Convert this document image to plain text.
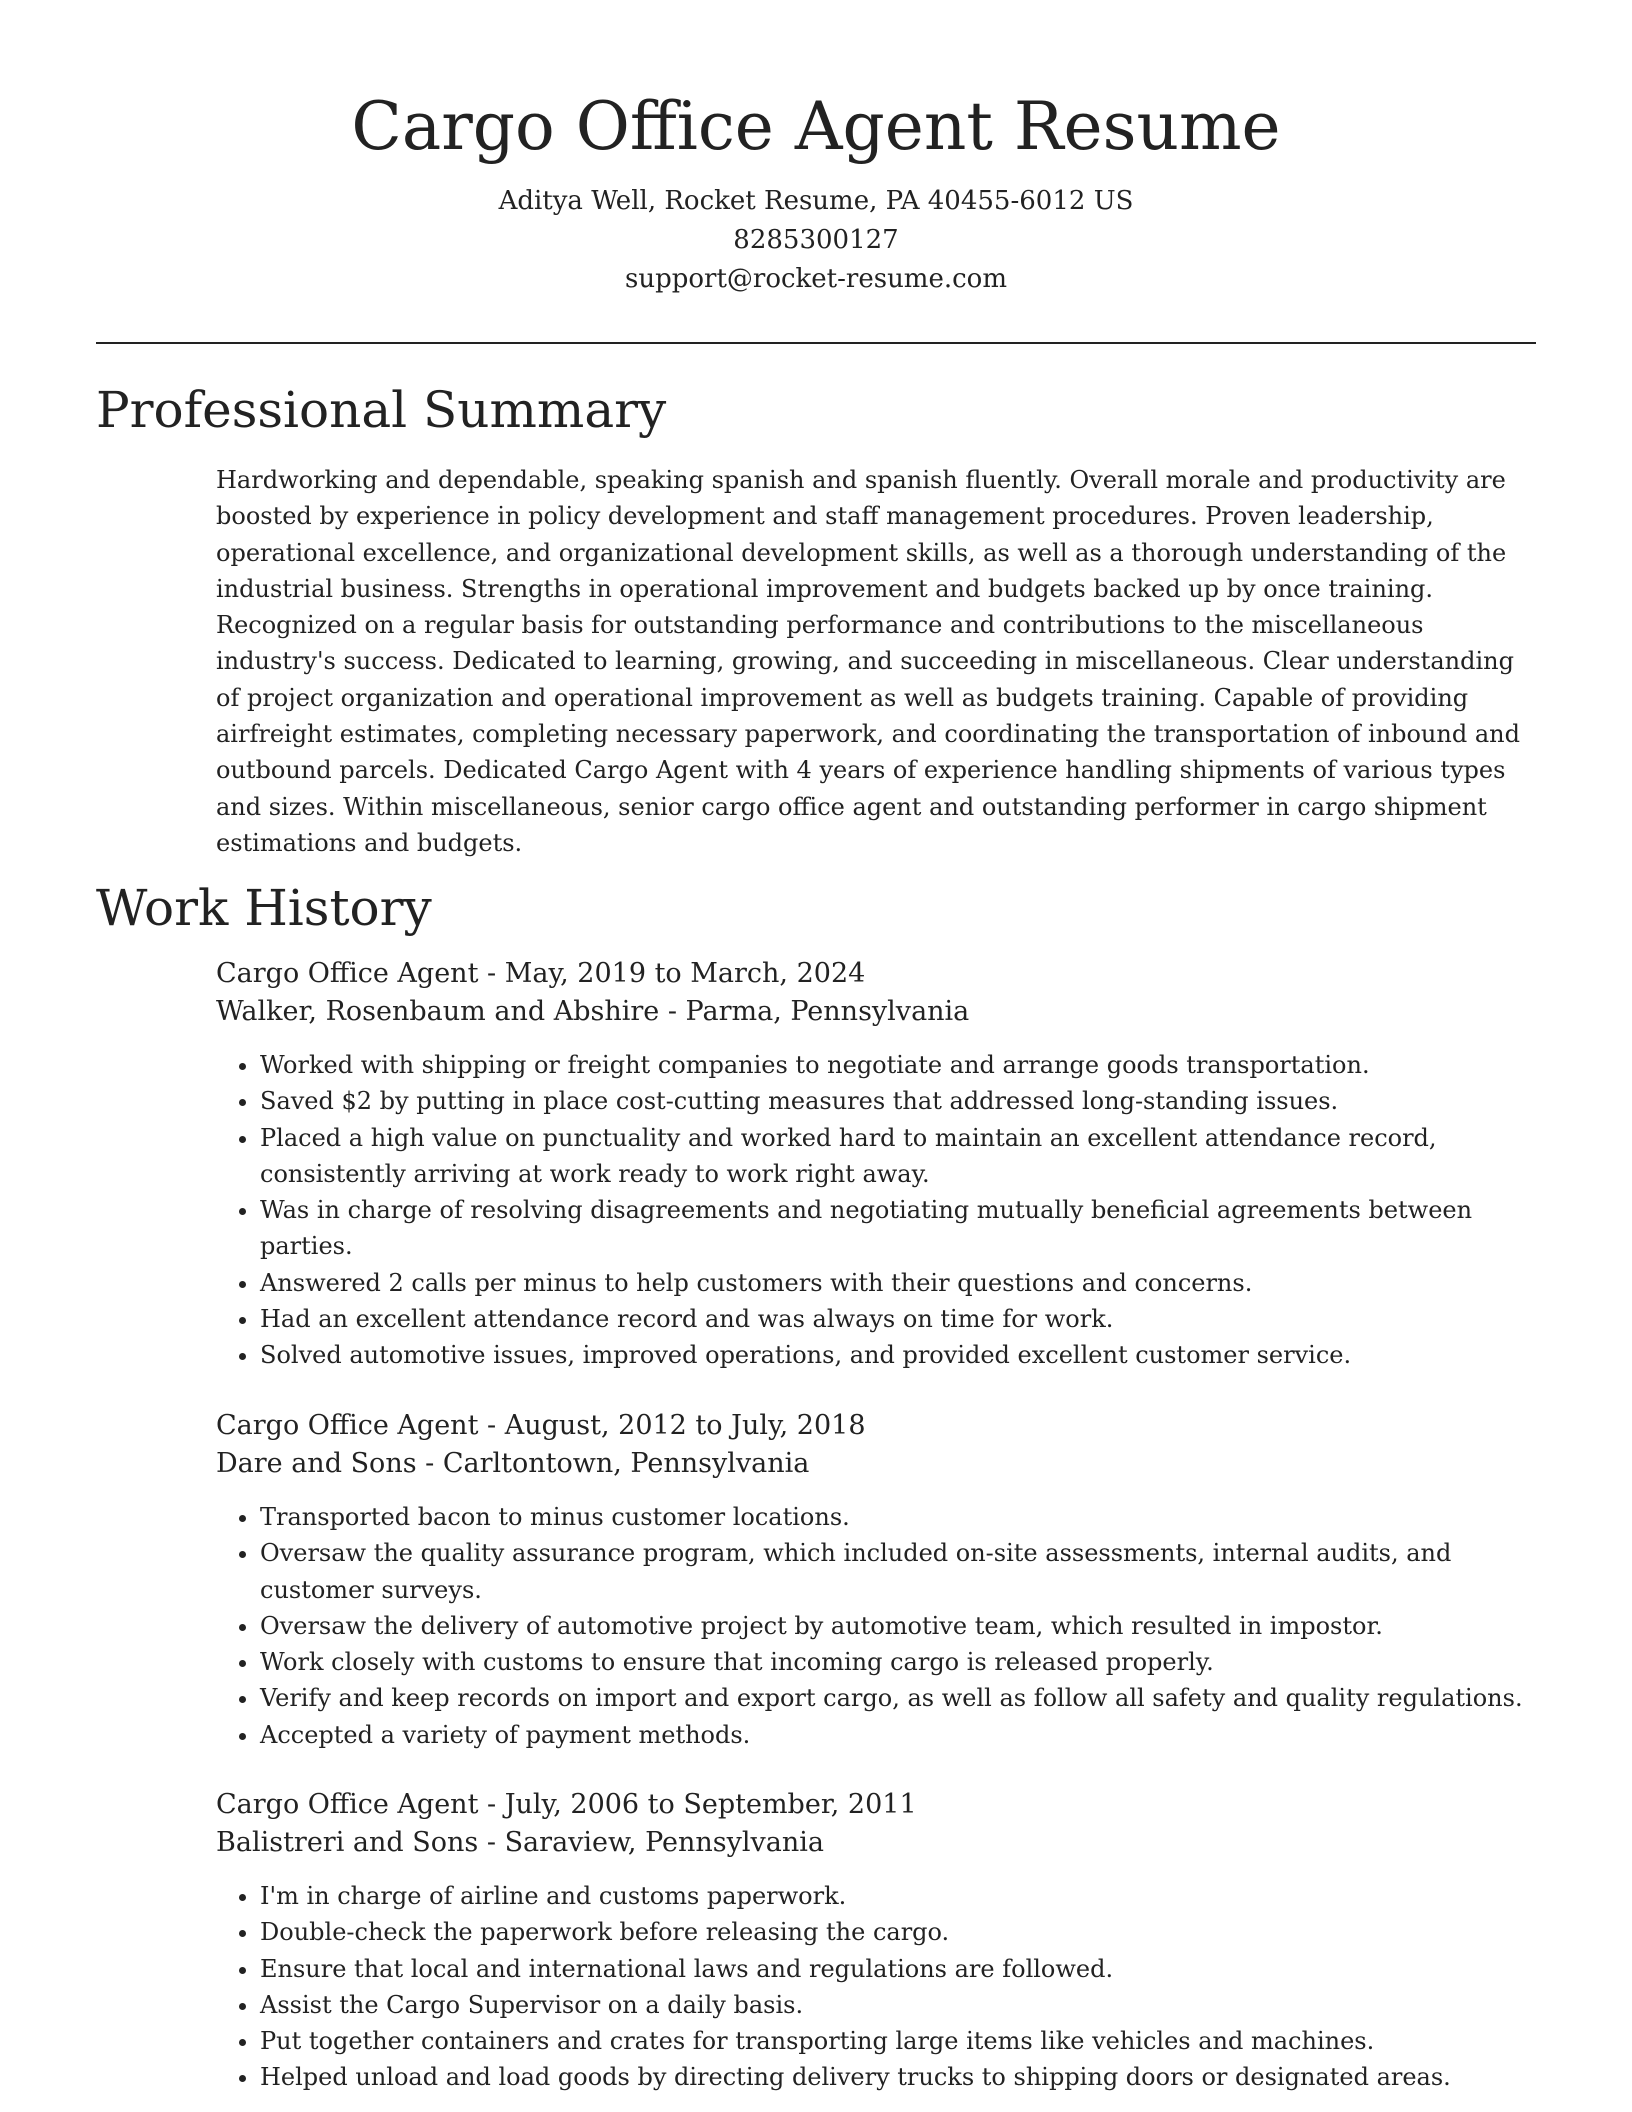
Cargo Office Agent Resume
Aditya Well, Rocket Resume, PA 40455-6012 US
8285300127
support@rocket-resume.com
Professional Summary

Hardworking and dependable, speaking spanish and spanish fluently. Overall morale and productivity are boosted by experience in policy development and staff management procedures. Proven leadership, operational excellence, and organizational development skills, as well as a thorough understanding of the industrial business. Strengths in operational improvement and budgets backed up by once training. Recognized on a regular basis for outstanding performance and contributions to the miscellaneous industry's success. Dedicated to learning, growing, and succeeding in miscellaneous. Clear understanding of project organization and operational improvement as well as budgets training. Capable of providing airfreight estimates, completing necessary paperwork, and coordinating the transportation of inbound and outbound parcels. Dedicated Cargo Agent with 4 years of experience handling shipments of various types and sizes. Within miscellaneous, senior cargo office agent and outstanding performer in cargo shipment estimations and budgets.

Work History

Cargo Office Agent - May, 2019 to March, 2024

Walker, Rosenbaum and Abshire - Parma, Pennsylvania

• Worked with shipping or freight companies to negotiate and arrange goods transportation.
• Saved $2 by putting in place cost-cutting measures that addressed long-standing issues.
• Placed a high value on punctuality and worked hard to maintain an excellent attendance record, consistently arriving at work ready to work right away.
• Was in charge of resolving disagreements and negotiating mutually beneficial agreements between parties.
• Answered 2 calls per minus to help customers with their questions and concerns.
• Had an excellent attendance record and was always on time for work.
• Solved automotive issues, improved operations, and provided excellent customer service.

Cargo Office Agent - August, 2012 to July, 2018

Dare and Sons - Carltontown, Pennsylvania

• Transported bacon to minus customer locations.
• Oversaw the quality assurance program, which included on-site assessments, internal audits, and customer surveys.
• Oversaw the delivery of automotive project by automotive team, which resulted in impostor.
• Work closely with customs to ensure that incoming cargo is released properly.
• Verify and keep records on import and export cargo, as well as follow all safety and quality regulations.
• Accepted a variety of payment methods.

Cargo Office Agent - July, 2006 to September, 2011

Balistreri and Sons - Saraview, Pennsylvania

• I'm in charge of airline and customs paperwork.
• Double-check the paperwork before releasing the cargo.
• Ensure that local and international laws and regulations are followed.
• Assist the Cargo Supervisor on a daily basis.
• Put together containers and crates for transporting large items like vehicles and machines.
• Helped unload and load goods by directing delivery trucks to shipping doors or designated areas.
